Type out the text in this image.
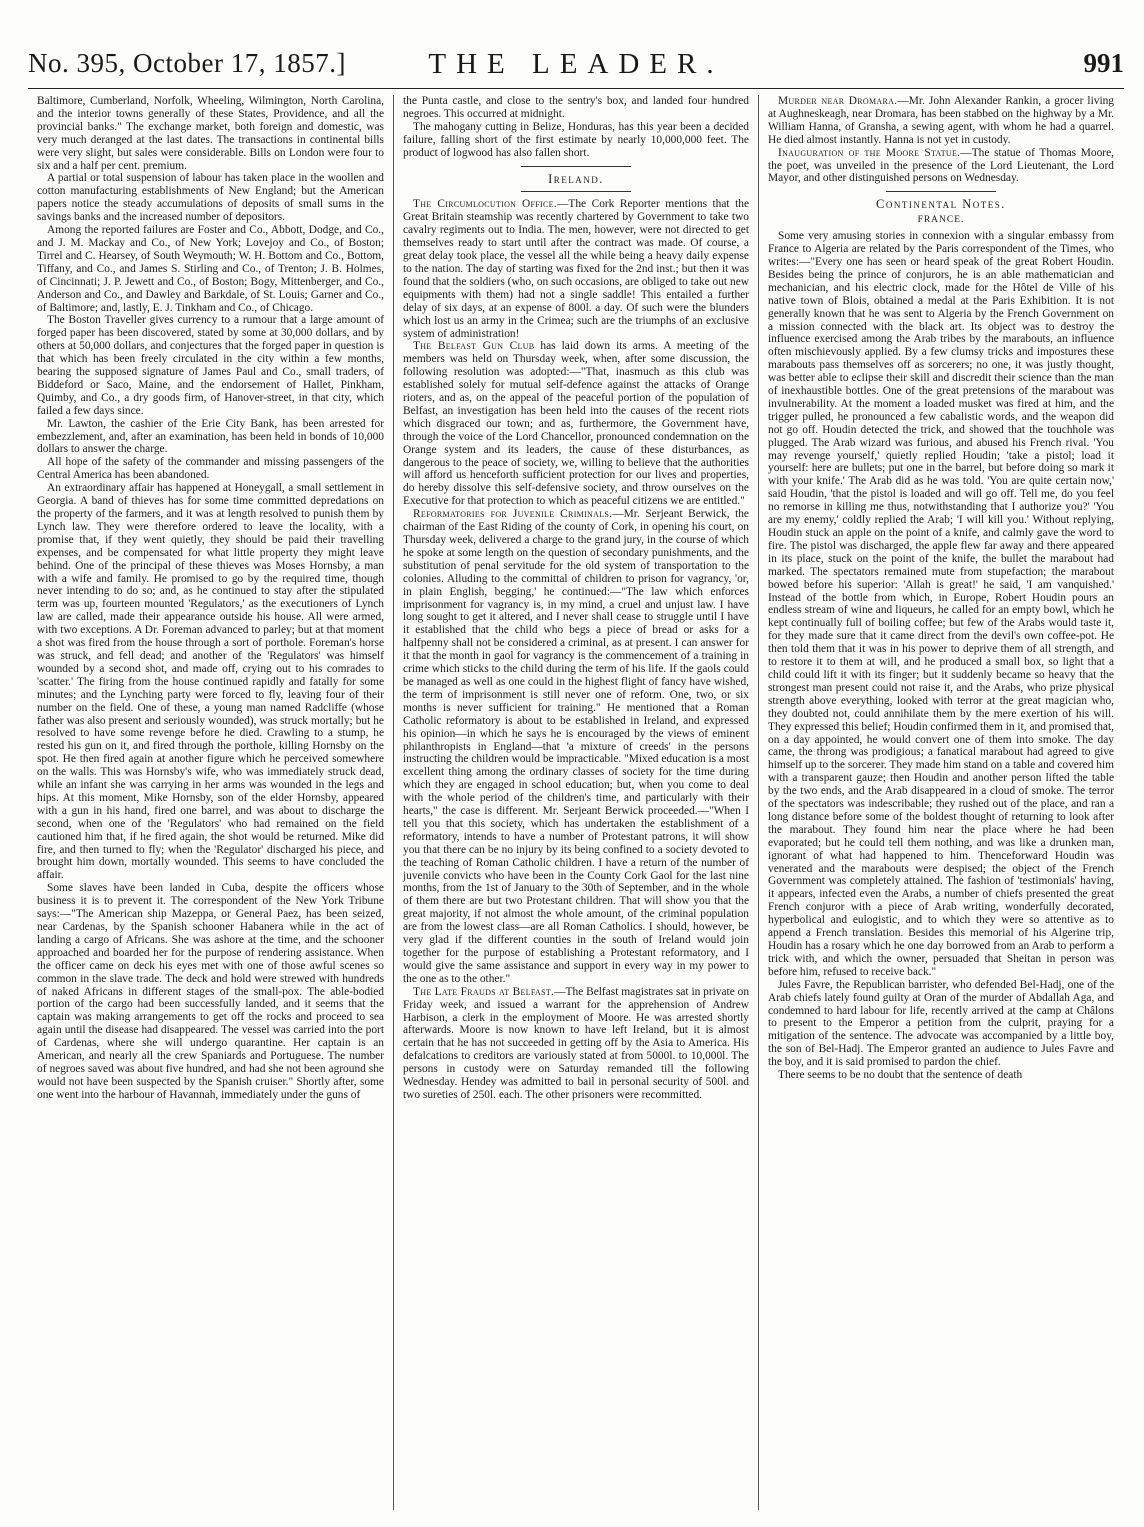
No. 395, October 17, 1857.]	THE LEADER.	991

Baltimore, Cumberland, Norfolk, Wheeling, Wilmington, North Carolina, and the interior towns generally of these States, Providence, and all the provincial banks." The exchange market, both foreign and domestic, was very much deranged at the last dates. The transactions in continental bills were very slight, but sales were considerable. Bills on London were four to six and a half per cent. premium.

A partial or total suspension of labour has taken place in the woollen and cotton manufacturing establishments of New England; but the American papers notice the steady accumulations of deposits of small sums in the savings banks and the increased number of depositors.

Among the reported failures are Foster and Co., Abbott, Dodge, and Co., and J. M. Mackay and Co., of New York; Lovejoy and Co., of Boston; Tirrel and C. Hearsey, of South Weymouth; W. H. Bottom and Co., Bottom, Tiffany, and Co., and James S. Stirling and Co., of Trenton; J. B. Holmes, of Cincinnati; J. P. Jewett and Co., of Boston; Bogy, Mittenberger, and Co., Anderson and Co., and Dawley and Barkdale, of St. Louis; Garner and Co., of Baltimore; and, lastly, E. J. Tinkham and Co., of Chicago.

The Boston Traveller gives currency to a rumour that a large amount of forged paper has been discovered, stated by some at 30,000 dollars, and by others at 50,000 dollars, and conjectures that the forged paper in question is that which has been freely circulated in the city within a few months, bearing the supposed signature of James Paul and Co., small traders, of Biddeford or Saco, Maine, and the endorsement of Hallet, Pinkham, Quimby, and Co., a dry goods firm, of Hanover-street, in that city, which failed a few days since.

Mr. Lawton, the cashier of the Erie City Bank, has been arrested for embezzlement, and, after an examination, has been held in bonds of 10,000 dollars to answer the charge.

All hope of the safety of the commander and missing passengers of the Central America has been abandoned.

An extraordinary affair has happened at Honeygall, a small settlement in Georgia. A band of thieves has for some time committed depredations on the property of the farmers, and it was at length resolved to punish them by Lynch law. They were therefore ordered to leave the locality, with a promise that, if they went quietly, they should be paid their travelling expenses, and be compensated for what little property they might leave behind. One of the principal of these thieves was Moses Hornsby, a man with a wife and family. He promised to go by the required time, though never intending to do so; and, as he continued to stay after the stipulated term was up, fourteen mounted 'Regulators,' as the executioners of Lynch law are called, made their appearance outside his house. All were armed, with two exceptions. A Dr. Foreman advanced to parley; but at that moment a shot was fired from the house through a sort of porthole. Foreman's horse was struck, and fell dead; and another of the 'Regulators' was himself wounded by a second shot, and made off, crying out to his comrades to 'scatter.' The firing from the house continued rapidly and fatally for some minutes; and the Lynching party were forced to fly, leaving four of their number on the field. One of these, a young man named Radcliffe (whose father was also present and seriously wounded), was struck mortally; but he resolved to have some revenge before he died. Crawling to a stump, he rested his gun on it, and fired through the porthole, killing Hornsby on the spot. He then fired again at another figure which he perceived somewhere on the walls. This was Hornsby's wife, who was immediately struck dead, while an infant she was carrying in her arms was wounded in the legs and hips. At this moment, Mike Hornsby, son of the elder Hornsby, appeared with a gun in his hand, fired one barrel, and was about to discharge the second, when one of the 'Regulators' who had remained on the field cautioned him that, if he fired again, the shot would be returned. Mike did fire, and then turned to fly; when the 'Regulator' discharged his piece, and brought him down, mortally wounded. This seems to have concluded the affair.

Some slaves have been landed in Cuba, despite the officers whose business it is to prevent it. The correspondent of the New York Tribune says:—"The American ship Mazeppa, or General Paez, has been seized, near Cardenas, by the Spanish schooner Habanera while in the act of landing a cargo of Africans. She was ashore at the time, and the schooner approached and boarded her for the purpose of rendering assistance. When the officer came on deck his eyes met with one of those awful scenes so common in the slave trade. The deck and hold were strewed with hundreds of naked Africans in different stages of the small-pox. The able-bodied portion of the cargo had been successfully landed, and it seems that the captain was making arrangements to get off the rocks and proceed to sea again until the disease had disappeared. The vessel was carried into the port of Cardenas, where she will undergo quarantine. Her captain is an American, and nearly all the crew Spaniards and Portuguese. The number of negroes saved was about five hundred, and had she not been aground she would not have been suspected by the Spanish cruiser." Shortly after, some one went into the harbour of Havannah, immediately under the guns of

the Punta castle, and close to the sentry's box, and landed four hundred negroes. This occurred at midnight.

The mahogany cutting in Belize, Honduras, has this year been a decided failure, falling short of the first estimate by nearly 10,000,000 feet. The product of logwood has also fallen short.

Ireland.

The Circumlocution Office.—The Cork Reporter mentions that the Great Britain steamship was recently chartered by Government to take two cavalry regiments out to India. The men, however, were not directed to get themselves ready to start until after the contract was made. Of course, a great delay took place, the vessel all the while being a heavy daily expense to the nation. The day of starting was fixed for the 2nd inst.; but then it was found that the soldiers (who, on such occasions, are obliged to take out new equipments with them) had not a single saddle! This entailed a further delay of six days, at an expense of 800l. a day. Of such were the blunders which lost us an army in the Crimea; such are the triumphs of an exclusive system of administration!

The Belfast Gun Club has laid down its arms. A meeting of the members was held on Thursday week, when, after some discussion, the following resolution was adopted:—"That, inasmuch as this club was established solely for mutual self-defence against the attacks of Orange rioters, and as, on the appeal of the peaceful portion of the population of Belfast, an investigation has been held into the causes of the recent riots which disgraced our town; and as, furthermore, the Government have, through the voice of the Lord Chancellor, pronounced condemnation on the Orange system and its leaders, the cause of these disturbances, as dangerous to the peace of society, we, willing to believe that the authorities will afford us henceforth sufficient protection for our lives and properties, do hereby dissolve this self-defensive society, and throw ourselves on the Executive for that protection to which as peaceful citizens we are entitled."

Reformatories for Juvenile Criminals.—Mr. Serjeant Berwick, the chairman of the East Riding of the county of Cork, in opening his court, on Thursday week, delivered a charge to the grand jury, in the course of which he spoke at some length on the question of secondary punishments, and the substitution of penal servitude for the old system of transportation to the colonies. Alluding to the committal of children to prison for vagrancy, 'or, in plain English, begging,' he continued:—"The law which enforces imprisonment for vagrancy is, in my mind, a cruel and unjust law. I have long sought to get it altered, and I never shall cease to struggle until I have it established that the child who begs a piece of bread or asks for a halfpenny shall not be considered a criminal, as at present. I can answer for it that the month in gaol for vagrancy is the commencement of a training in crime which sticks to the child during the term of his life. If the gaols could be managed as well as one could in the highest flight of fancy have wished, the term of imprisonment is still never one of reform. One, two, or six months is never sufficient for training." He mentioned that a Roman Catholic reformatory is about to be established in Ireland, and expressed his opinion—in which he says he is encouraged by the views of eminent philanthropists in England—that 'a mixture of creeds' in the persons instructing the children would be impracticable. "Mixed education is a most excellent thing among the ordinary classes of society for the time during which they are engaged in school education; but, when you come to deal with the whole period of the children's time, and particularly with their hearts," the case is different. Mr. Serjeant Berwick proceeded.—"When I tell you that this society, which has undertaken the establishment of a reformatory, intends to have a number of Protestant patrons, it will show you that there can be no injury by its being confined to a society devoted to the teaching of Roman Catholic children. I have a return of the number of juvenile convicts who have been in the County Cork Gaol for the last nine months, from the 1st of January to the 30th of September, and in the whole of them there are but two Protestant children. That will show you that the great majority, if not almost the whole amount, of the criminal population are from the lowest class—are all Roman Catholics. I should, however, be very glad if the different counties in the south of Ireland would join together for the purpose of establishing a Protestant reformatory, and I would give the same assistance and support in every way in my power to the one as to the other."

The Late Frauds at Belfast.—The Belfast magistrates sat in private on Friday week, and issued a warrant for the apprehension of Andrew Harbison, a clerk in the employment of Moore. He was arrested shortly afterwards. Moore is now known to have left Ireland, but it is almost certain that he has not succeeded in getting off by the Asia to America. His defalcations to creditors are variously stated at from 5000l. to 10,000l. The persons in custody were on Saturday remanded till the following Wednesday. Hendey was admitted to bail in personal security of 500l. and two sureties of 250l. each. The other prisoners were recommitted.

Murder near Dromara.—Mr. John Alexander Rankin, a grocer living at Aughneskeagh, near Dromara, has been stabbed on the highway by a Mr. William Hanna, of Gransha, a sewing agent, with whom he had a quarrel. He died almost instantly. Hanna is not yet in custody.

Inauguration of the Moore Statue.—The statue of Thomas Moore, the poet, was unveiled in the presence of the Lord Lieutenant, the Lord Mayor, and other distinguished persons on Wednesday.

Continental Notes.
FRANCE.

Some very amusing stories in connexion with a singular embassy from France to Algeria are related by the Paris correspondent of the Times, who writes:—"Every one has seen or heard speak of the great Robert Houdin. Besides being the prince of conjurors, he is an able mathematician and mechanician, and his electric clock, made for the Hôtel de Ville of his native town of Blois, obtained a medal at the Paris Exhibition. It is not generally known that he was sent to Algeria by the French Government on a mission connected with the black art. Its object was to destroy the influence exercised among the Arab tribes by the marabouts, an influence often mischievously applied. By a few clumsy tricks and impostures these marabouts pass themselves off as sorcerers; no one, it was justly thought, was better able to eclipse their skill and discredit their science than the man of inexhaustible bottles. One of the great pretensions of the marabout was invulnerability. At the moment a loaded musket was fired at him, and the trigger pulled, he pronounced a few cabalistic words, and the weapon did not go off. Houdin detected the trick, and showed that the touchhole was plugged. The Arab wizard was furious, and abused his French rival. 'You may revenge yourself,' quietly replied Houdin; 'take a pistol; load it yourself: here are bullets; put one in the barrel, but before doing so mark it with your knife.' The Arab did as he was told. 'You are quite certain now,' said Houdin, 'that the pistol is loaded and will go off. Tell me, do you feel no remorse in killing me thus, notwithstanding that I authorize you?' 'You are my enemy,' coldly replied the Arab; 'I will kill you.' Without replying, Houdin stuck an apple on the point of a knife, and calmly gave the word to fire. The pistol was discharged, the apple flew far away and there appeared in its place, stuck on the point of the knife, the bullet the marabout had marked. The spectators remained mute from stupefaction; the marabout bowed before his superior: 'Allah is great!' he said, 'I am vanquished.' Instead of the bottle from which, in Europe, Robert Houdin pours an endless stream of wine and liqueurs, he called for an empty bowl, which he kept continually full of boiling coffee; but few of the Arabs would taste it, for they made sure that it came direct from the devil's own coffee-pot. He then told them that it was in his power to deprive them of all strength, and to restore it to them at will, and he produced a small box, so light that a child could lift it with its finger; but it suddenly became so heavy that the strongest man present could not raise it, and the Arabs, who prize physical strength above everything, looked with terror at the great magician who, they doubted not, could annihilate them by the mere exertion of his will. They expressed this belief; Houdin confirmed them in it, and promised that, on a day appointed, he would convert one of them into smoke. The day came, the throng was prodigious; a fanatical marabout had agreed to give himself up to the sorcerer. They made him stand on a table and covered him with a transparent gauze; then Houdin and another person lifted the table by the two ends, and the Arab disappeared in a cloud of smoke. The terror of the spectators was indescribable; they rushed out of the place, and ran a long distance before some of the boldest thought of returning to look after the marabout. They found him near the place where he had been evaporated; but he could tell them nothing, and was like a drunken man, ignorant of what had happened to him. Thenceforward Houdin was venerated and the marabouts were despised; the object of the French Government was completely attained. The fashion of 'testimonials' having, it appears, infected even the Arabs, a number of chiefs presented the great French conjuror with a piece of Arab writing, wonderfully decorated, hyperbolical and eulogistic, and to which they were so attentive as to append a French translation. Besides this memorial of his Algerine trip, Houdin has a rosary which he one day borrowed from an Arab to perform a trick with, and which the owner, persuaded that Sheitan in person was before him, refused to receive back."

Jules Favre, the Republican barrister, who defended Bel-Hadj, one of the Arab chiefs lately found guilty at Oran of the murder of Abdallah Aga, and condemned to hard labour for life, recently arrived at the camp at Châlons to present to the Emperor a petition from the culprit, praying for a mitigation of the sentence. The advocate was accompanied by a little boy, the son of Bel-Hadj. The Emperor granted an audience to Jules Favre and the boy, and it is said promised to pardon the chief.

There seems to be no doubt that the sentence of death
